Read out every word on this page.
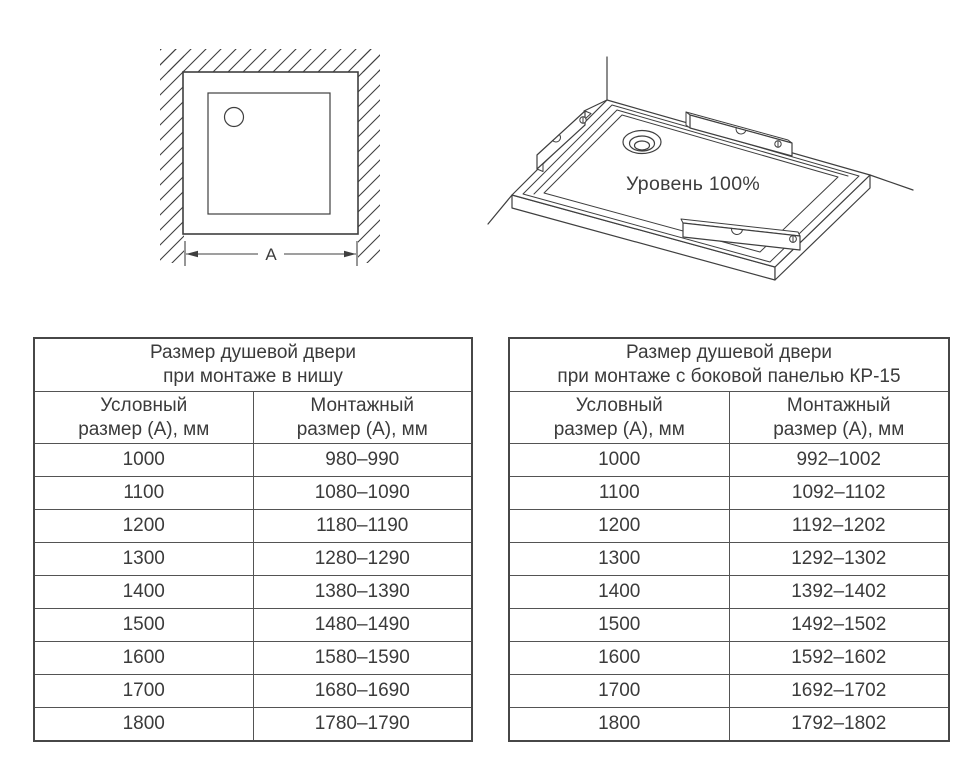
A
Уровень 100%
Размер душевой двери
при монтаже в нишу	

Условный
размер (А), мм

Монтажный
размер (А), мм

1000	980–990
1100	1080–1090
1200	1180–1190
1300	1280–1290
1400	1380–1390
1500	1480–1490
1600	1580–1590
1700	1680–1690
1800	1780–1790
Размер душевой двери
при монтаже с боковой панелью КР-15	

Условный
размер (А), мм

Монтажный
размер (А), мм

1000	992–1002
1100	1092–1102
1200	1192–1202
1300	1292–1302
1400	1392–1402
1500	1492–1502
1600	1592–1602
1700	1692–1702
1800	1792–1802
